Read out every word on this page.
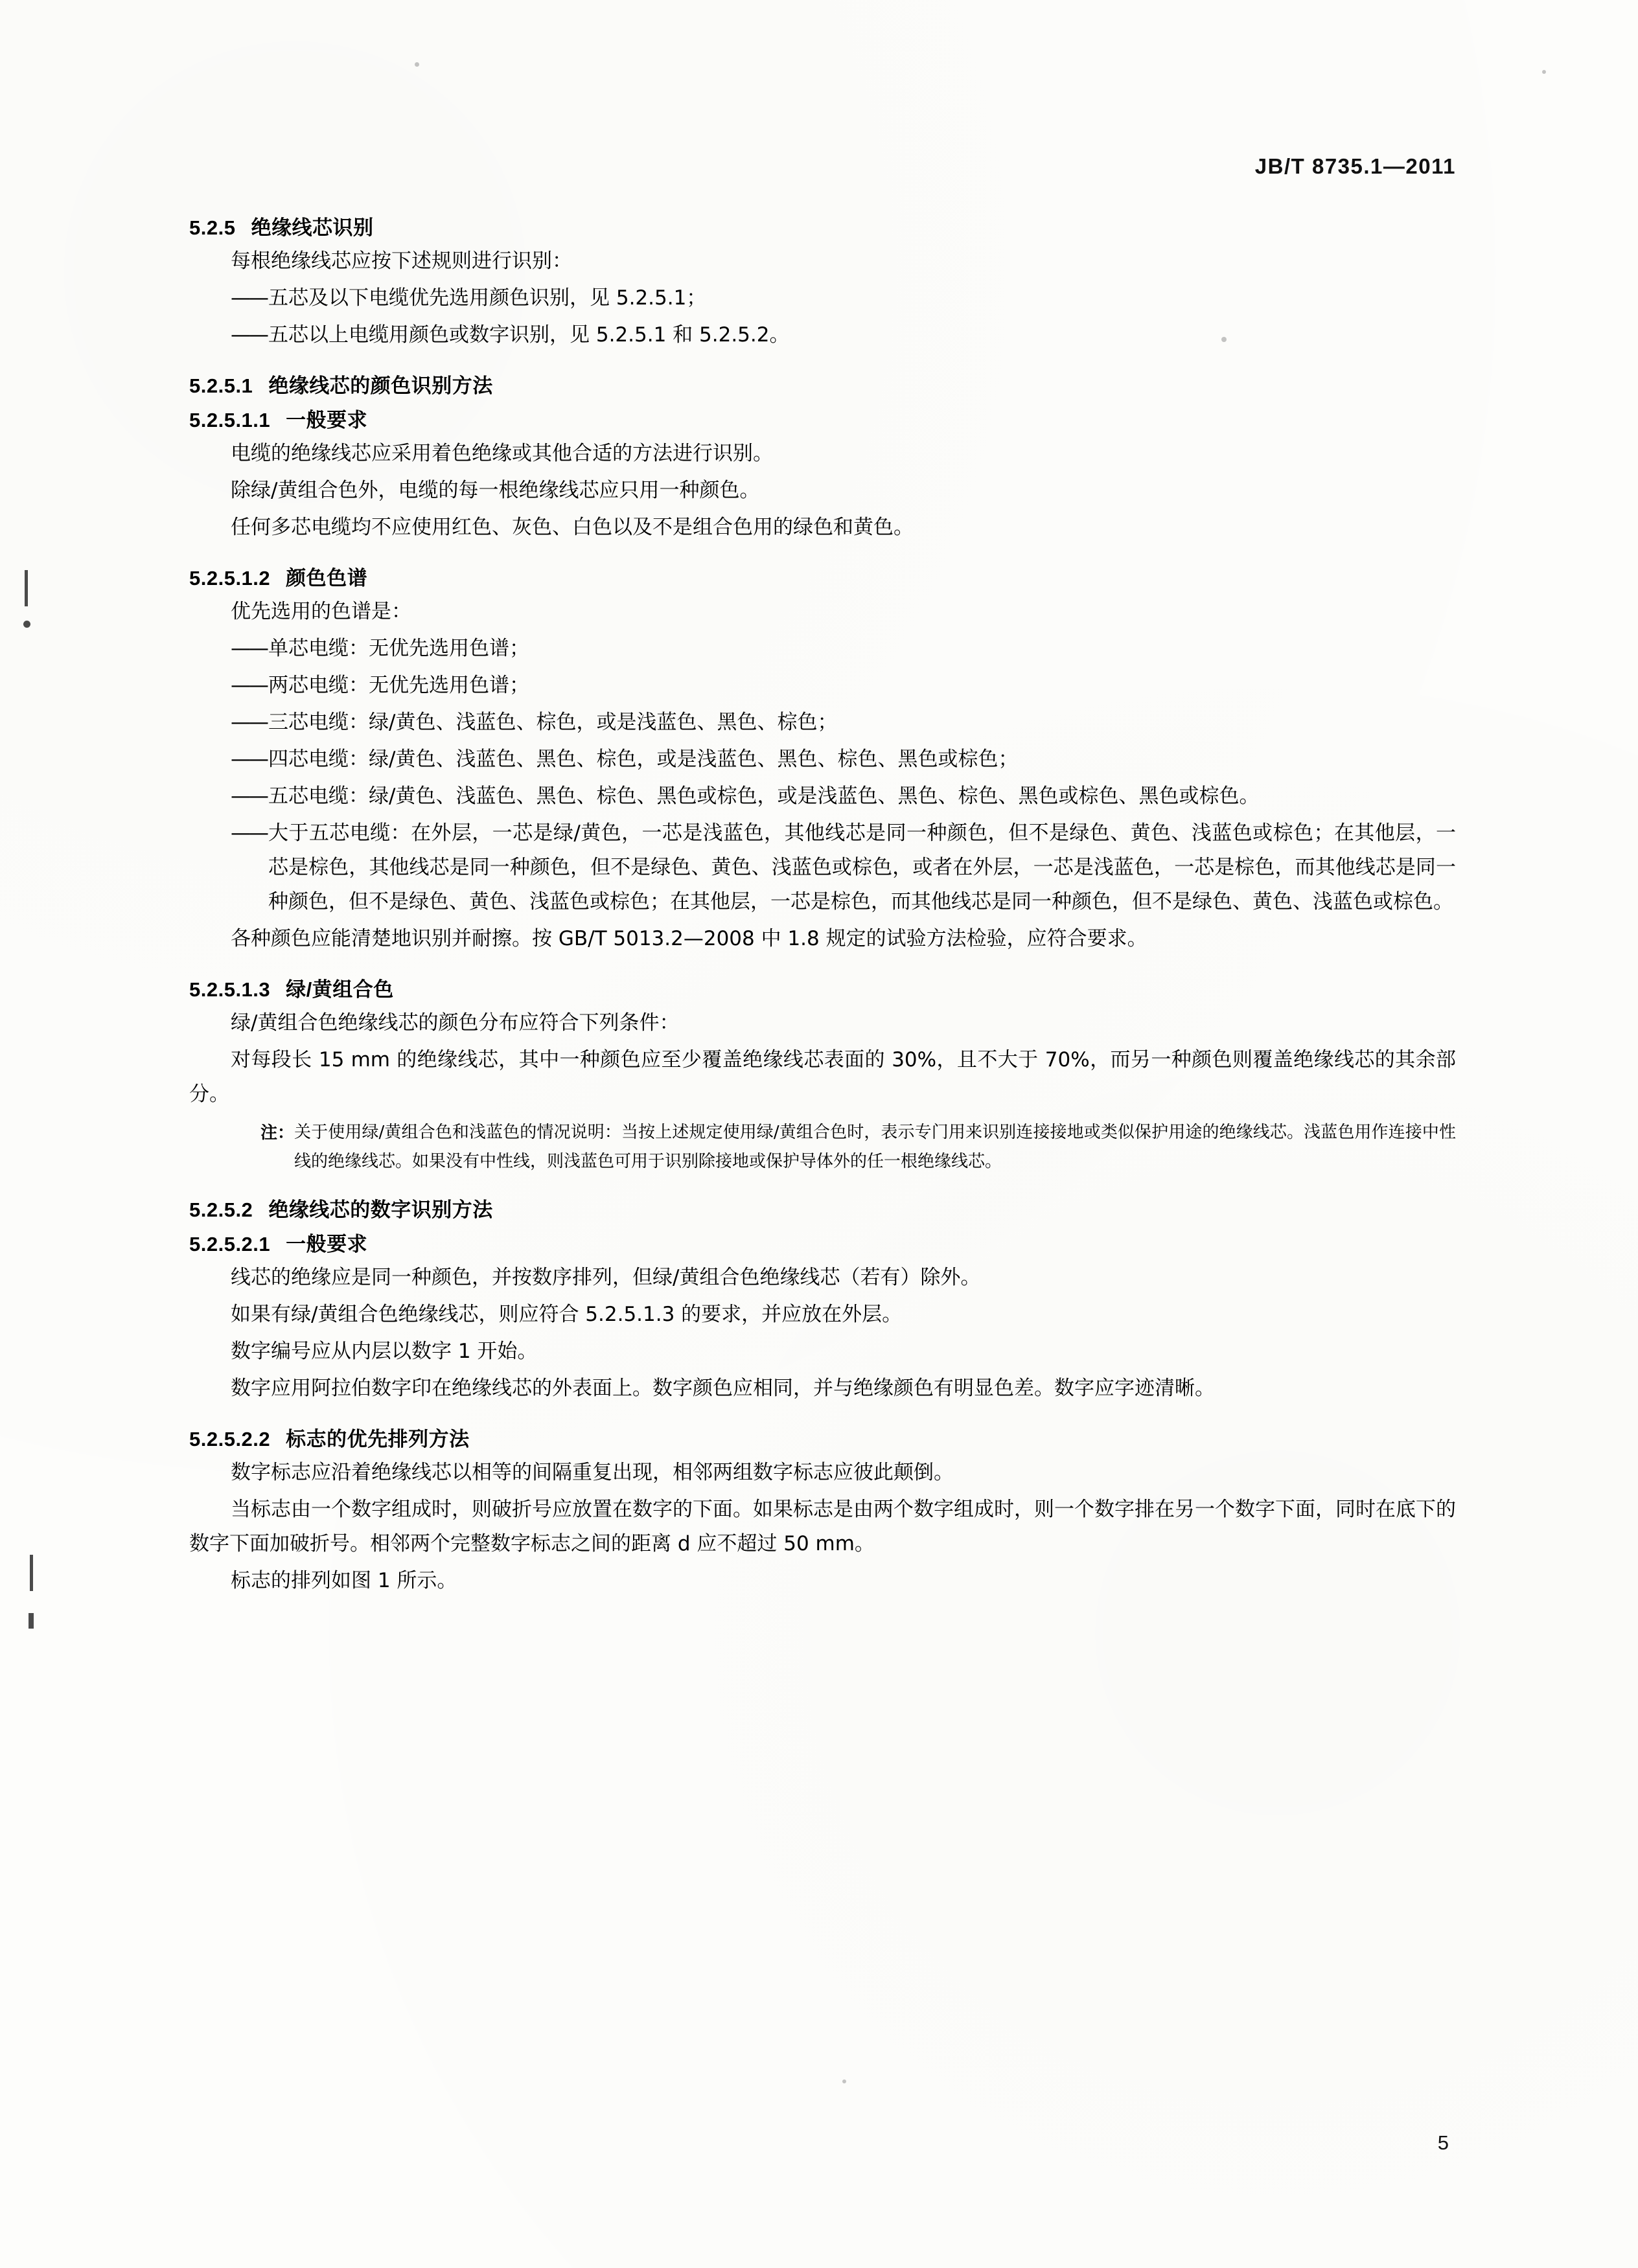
JB/T 8735.1—2011
5.2.5 绝缘线芯识别

每根绝缘线芯应按下述规则进行识别：

—— 五芯及以下电缆优先选用颜色识别，见 5.2.5.1；
—— 五芯以上电缆用颜色或数字识别，见 5.2.5.1 和 5.2.5.2。
5.2.5.1 绝缘线芯的颜色识别方法
5.2.5.1.1 一般要求

电缆的绝缘线芯应采用着色绝缘或其他合适的方法进行识别。

除绿/黄组合色外，电缆的每一根绝缘线芯应只用一种颜色。

任何多芯电缆均不应使用红色、灰色、白色以及不是组合色用的绿色和黄色。

5.2.5.1.2 颜色色谱

优先选用的色谱是：

—— 单芯电缆：无优先选用色谱；
—— 两芯电缆：无优先选用色谱；
—— 三芯电缆：绿/黄色、浅蓝色、棕色，或是浅蓝色、黑色、棕色；
—— 四芯电缆：绿/黄色、浅蓝色、黑色、棕色，或是浅蓝色、黑色、棕色、黑色或棕色；
—— 五芯电缆：绿/黄色、浅蓝色、黑色、棕色、黑色或棕色，或是浅蓝色、黑色、棕色、黑色或棕色、黑色或棕色。
—— 大于五芯电缆：在外层，一芯是绿/黄色，一芯是浅蓝色，其他线芯是同一种颜色，但不是绿色、黄色、浅蓝色或棕色；在其他层，一芯是棕色，其他线芯是同一种颜色，但不是绿色、黄色、浅蓝色或棕色，或者在外层，一芯是浅蓝色，一芯是棕色，而其他线芯是同一种颜色，但不是绿色、黄色、浅蓝色或棕色；在其他层，一芯是棕色，而其他线芯是同一种颜色，但不是绿色、黄色、浅蓝色或棕色。

各种颜色应能清楚地识别并耐擦。按 GB/T 5013.2—2008 中 1.8 规定的试验方法检验，应符合要求。

5.2.5.1.3 绿/黄组合色

绿/黄组合色绝缘线芯的颜色分布应符合下列条件：

对每段长 15 mm 的绝缘线芯，其中一种颜色应至少覆盖绝缘线芯表面的 30%，且不大于 70%，而另一种颜色则覆盖绝缘线芯的其余部分。

注： 关于使用绿/黄组合色和浅蓝色的情况说明：当按上述规定使用绿/黄组合色时，表示专门用来识别连接接地或类似保护用途的绝缘线芯。浅蓝色用作连接中性线的绝缘线芯。如果没有中性线，则浅蓝色可用于识别除接地或保护导体外的任一根绝缘线芯。
5.2.5.2 绝缘线芯的数字识别方法
5.2.5.2.1 一般要求

线芯的绝缘应是同一种颜色，并按数序排列，但绿/黄组合色绝缘线芯（若有）除外。

如果有绿/黄组合色绝缘线芯，则应符合 5.2.5.1.3 的要求，并应放在外层。

数字编号应从内层以数字 1 开始。

数字应用阿拉伯数字印在绝缘线芯的外表面上。数字颜色应相同，并与绝缘颜色有明显色差。数字应字迹清晰。

5.2.5.2.2 标志的优先排列方法

数字标志应沿着绝缘线芯以相等的间隔重复出现，相邻两组数字标志应彼此颠倒。

当标志由一个数字组成时，则破折号应放置在数字的下面。如果标志是由两个数字组成时，则一个数字排在另一个数字下面，同时在底下的数字下面加破折号。相邻两个完整数字标志之间的距离 d 应不超过 50 mm。

标志的排列如图 1 所示。

5
